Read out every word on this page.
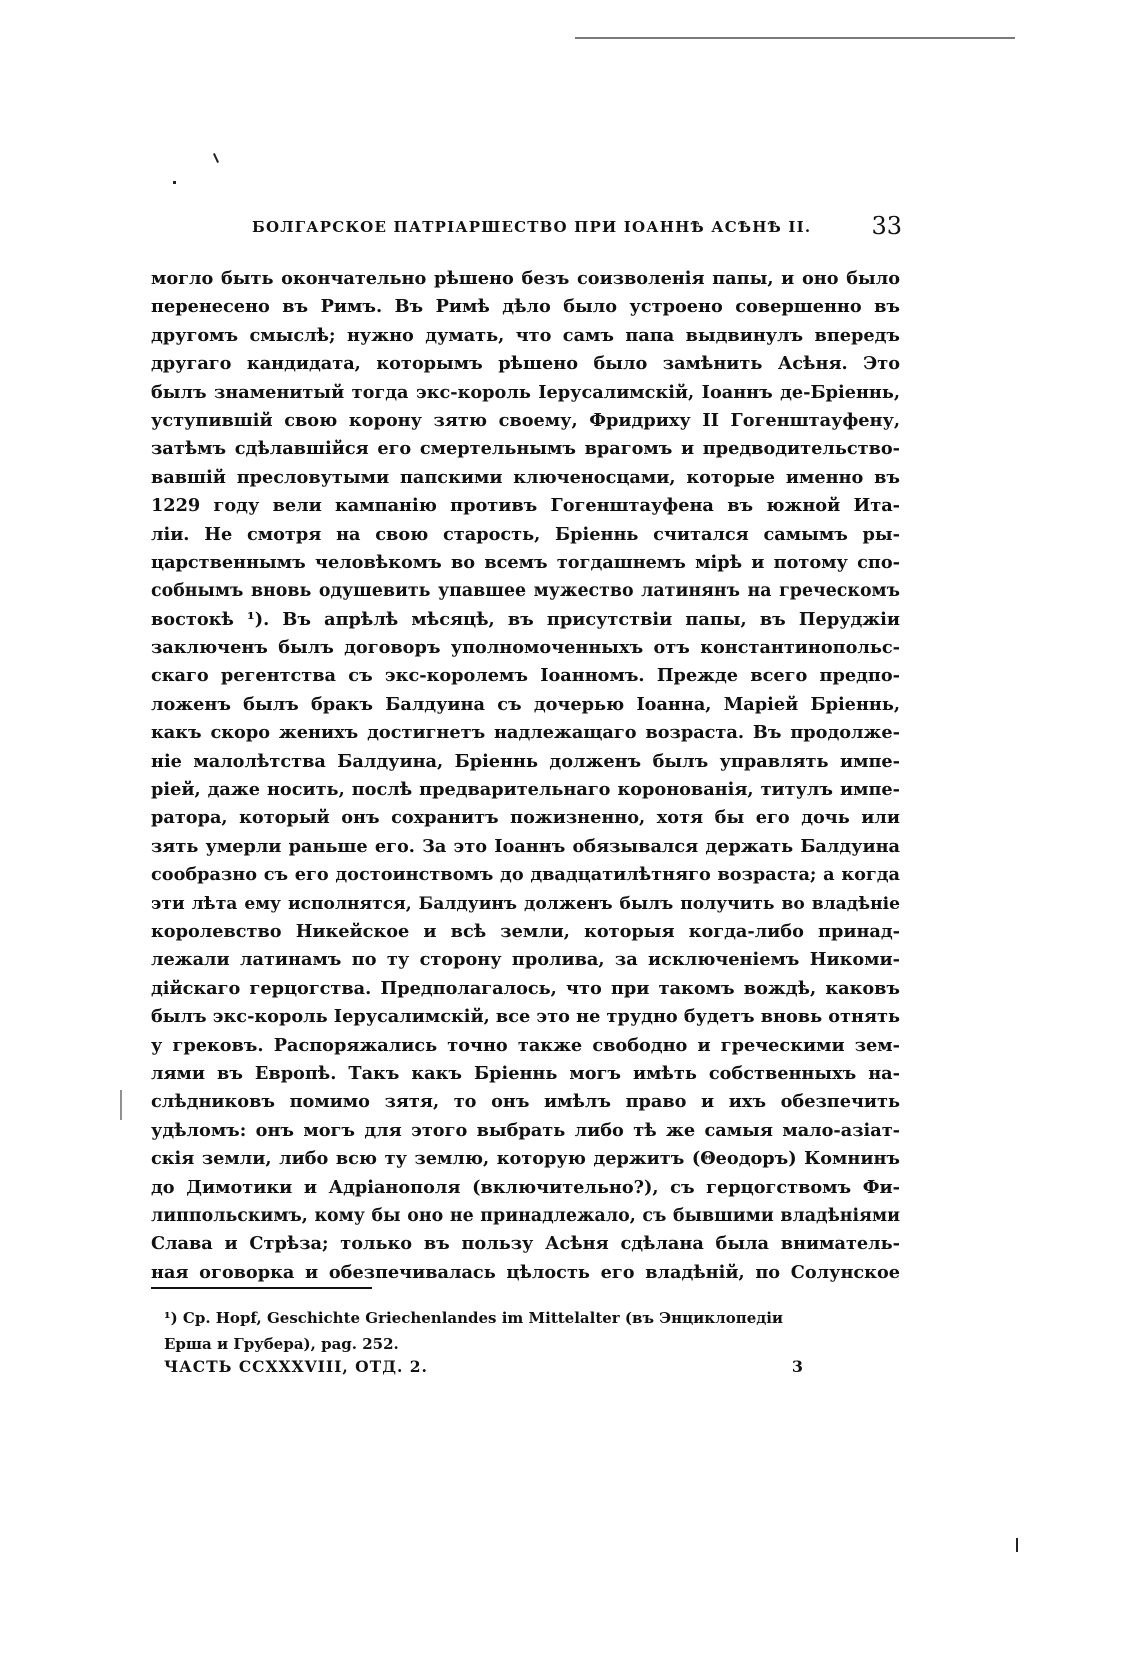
БОЛГАРСКОЕ ПАТРІАРШЕСТВО ПРИ ІОАННѢ АСѢНѢ II.	33
могло быть окончательно рѣшено безъ соизволенія папы, и оно было
перенесено въ Римъ. Въ Римѣ дѣло было устроено совершенно въ
другомъ смыслѣ; нужно думать, что самъ папа выдвинулъ впередъ
другаго кандидата, которымъ рѣшено было замѣнить Асѣня. Это
былъ знаменитый тогда экс-король Іерусалимскій, Іоаннъ де-Бріеннь,
уступившій свою корону зятю своему, Фридриху II Гогенштауфену,
затѣмъ сдѣлавшійся его смертельнымъ врагомъ и предводительство-
вавшій пресловутыми папскими ключеносцами, которые именно въ
1229 году вели кампанію противъ Гогенштауфена въ южной Ита-
ліи. Не смотря на свою старость, Бріеннь считался самымъ ры-
царственнымъ человѣкомъ во всемъ тогдашнемъ мірѣ и потому спо-
собнымъ вновь одушевить упавшее мужество латинянъ на греческомъ
востокѣ ¹). Въ апрѣлѣ мѣсяцѣ, въ присутствіи папы, въ Перуджіи
заключенъ былъ договоръ уполномоченныхъ отъ константинопольс-
скаго регентства съ экс-королемъ Іоанномъ. Прежде всего предпо-
ложенъ былъ бракъ Балдуина съ дочерью Іоанна, Маріей Бріеннь,
какъ скоро женихъ достигнетъ надлежащаго возраста. Въ продолже-
ніе малолѣтства Балдуина, Бріеннь долженъ былъ управлять импе-
ріей, даже носить, послѣ предварительнаго коронованія, титулъ импе-
ратора, который онъ сохранитъ пожизненно, хотя бы его дочь или
зять умерли раньше его. За это Іоаннъ обязывался держать Балдуина
сообразно съ его достоинствомъ до двадцатилѣтняго возраста; а когда
эти лѣта ему исполнятся, Балдуинъ долженъ былъ получить во владѣніе
королевство Никейское и всѣ земли, которыя когда-либо принад-
лежали латинамъ по ту сторону пролива, за исключеніемъ Никоми-
дійскаго герцогства. Предполагалось, что при такомъ вождѣ, каковъ
былъ экс-король Іерусалимскій, все это не трудно будетъ вновь отнять
у грековъ. Распоряжались точно также свободно и греческими зем-
лями въ Европѣ. Такъ какъ Бріеннь могъ имѣть собственныхъ на-
слѣдниковъ помимо зятя, то онъ имѣлъ право и ихъ обезпечить
удѣломъ: онъ могъ для этого выбрать либо тѣ же самыя мало-азіат-
скія земли, либо всю ту землю, которую держитъ (Θеодоръ) Комнинъ
до Димотики и Адріанополя (включительно?), съ герцогствомъ Фи-
липпольскимъ, кому бы оно не принадлежало, съ бывшими владѣніями
Слава и Стрѣза; только въ пользу Асѣня сдѣлана была вниматель-
ная оговорка и обезпечивалась цѣлость его владѣній, по Солунское
¹) Ср. Hopf, Geschichte Griechenlandes im Mittelalter (въ Энциклопедіи
Ерша и Грубера), pag. 252.
ЧАСТЬ CCXXXVIII, ОТД. 2.	3
